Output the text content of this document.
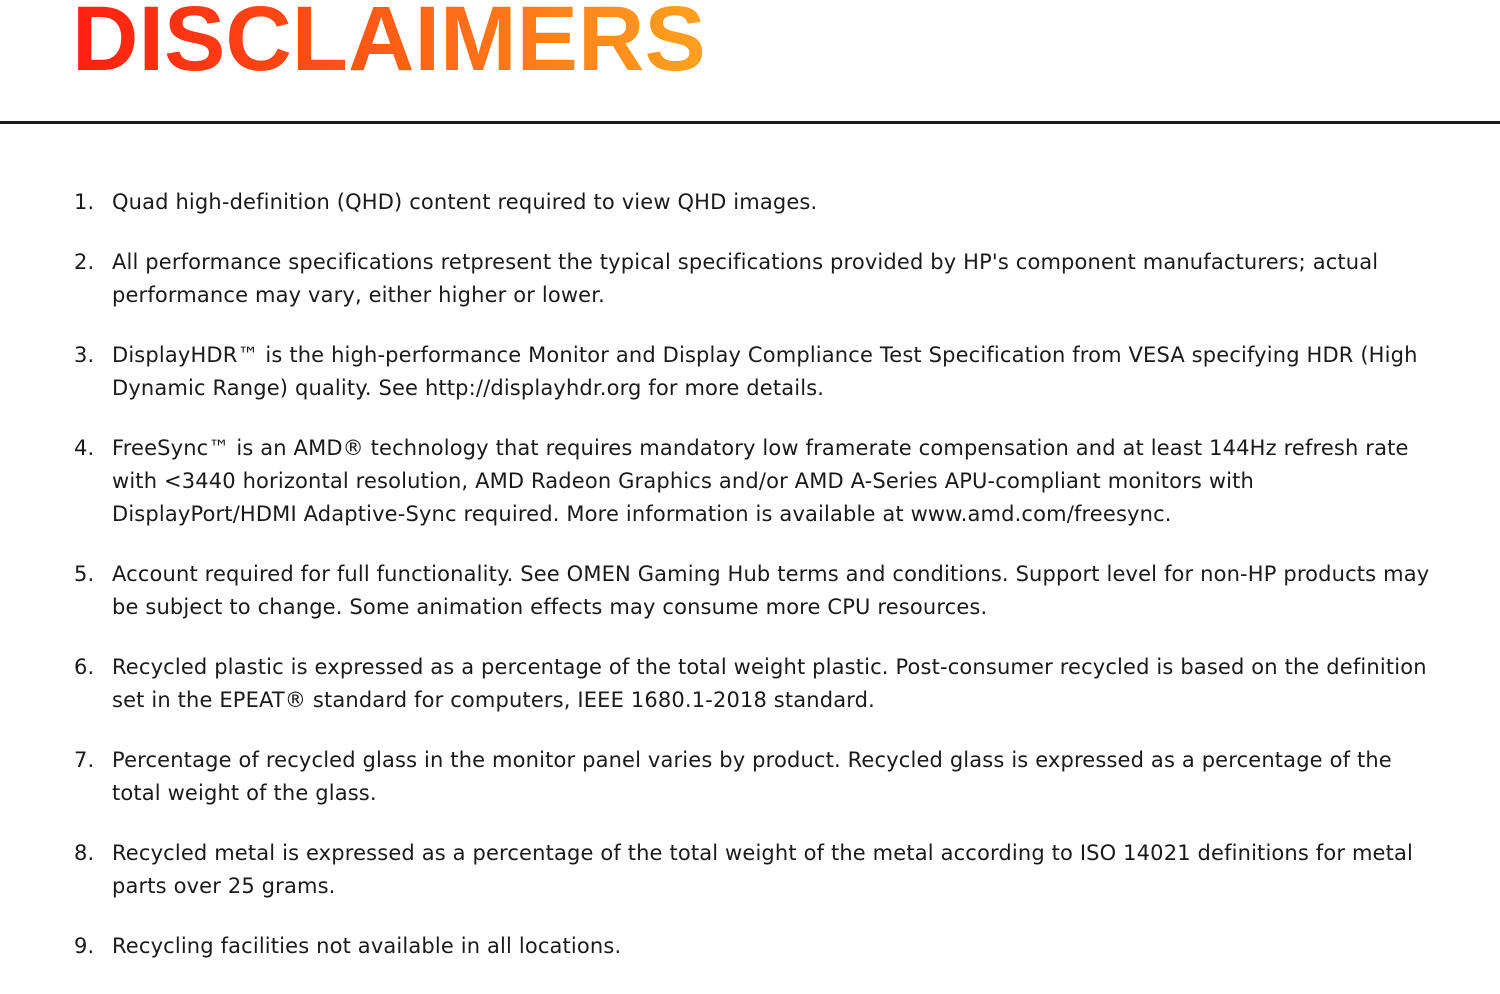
DISCLAIMERS
1. Quad high-definition (QHD) content required to view QHD images.
2. All performance specifications retpresent the typical specifications provided by HP's component manufacturers; actual performance may vary, either higher or lower.
3. DisplayHDR™ is the high-performance Monitor and Display Compliance Test Specification from VESA specifying HDR (High Dynamic Range) quality. See http://displayhdr.org for more details.
4. FreeSync™ is an AMD® technology that requires mandatory low framerate compensation and at least 144Hz refresh rate with <3440 horizontal resolution, AMD Radeon Graphics and/or AMD A-Series APU-compliant monitors with DisplayPort/HDMI Adaptive-Sync required. More information is available at www.amd.com/freesync.
5. Account required for full functionality. See OMEN Gaming Hub terms and conditions. Support level for non-HP products may be subject to change. Some animation effects may consume more CPU resources.
6. Recycled plastic is expressed as a percentage of the total weight plastic. Post-consumer recycled is based on the definition set in the EPEAT® standard for computers, IEEE 1680.1-2018 standard.
7. Percentage of recycled glass in the monitor panel varies by product. Recycled glass is expressed as a percentage of the total weight of the glass.
8. Recycled metal is expressed as a percentage of the total weight of the metal according to ISO 14021 definitions for metal parts over 25 grams.
9. Recycling facilities not available in all locations.
